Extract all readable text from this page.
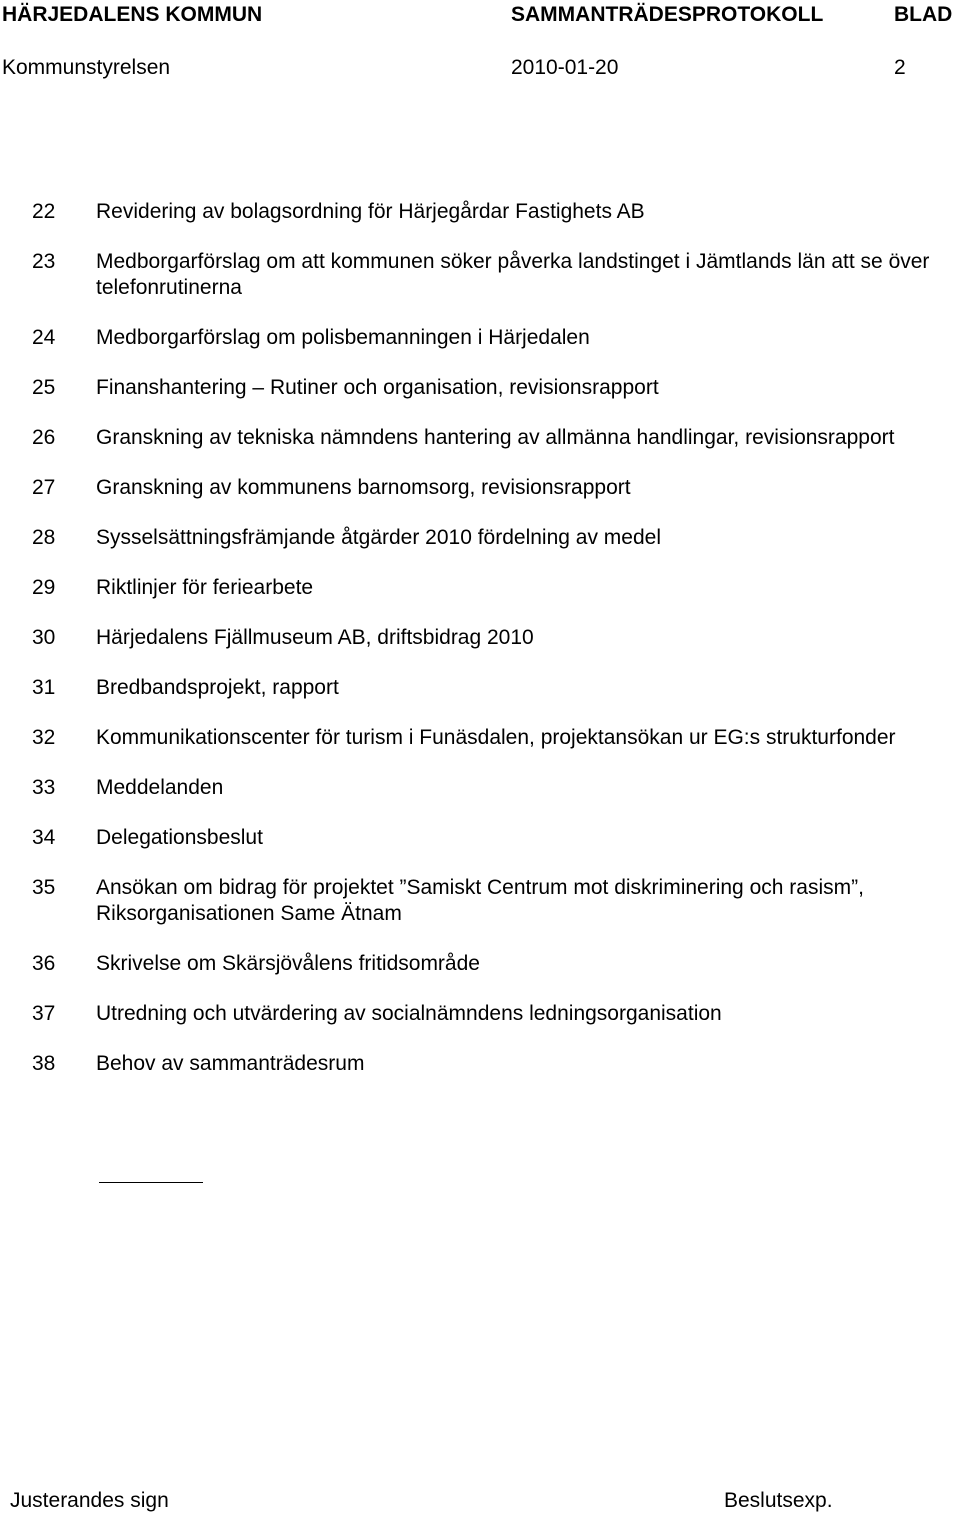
HÄRJEDALENS KOMMUN	SAMMANTRÄDESPROTOKOLL	BLAD
Kommunstyrelsen	2010-01-20	2
22	Revidering av bolagsordning för Härjegårdar Fastighets AB
23	Medborgarförslag om att kommunen söker påverka landstinget i Jämtlands län att se över telefonrutinerna
24	Medborgarförslag om polisbemanningen i Härjedalen
25	Finanshantering – Rutiner och organisation, revisionsrapport
26	Granskning av tekniska nämndens hantering av allmänna handlingar, revisionsrapport
27	Granskning av kommunens barnomsorg, revisionsrapport
28	Sysselsättningsfrämjande åtgärder 2010 fördelning av medel
29	Riktlinjer för feriearbete
30	Härjedalens Fjällmuseum AB, driftsbidrag 2010
31	Bredbandsprojekt, rapport
32	Kommunikationscenter för turism i Funäsdalen, projektansökan ur EG:s strukturfonder
33	Meddelanden
34	Delegationsbeslut
35	Ansökan om bidrag för projektet ”Samiskt Centrum mot diskriminering och rasism”, Riksorganisationen Same Ätnam
36	Skrivelse om Skärsjövålens fritidsområde
37	Utredning och utvärdering av socialnämndens ledningsorganisation
38	Behov av sammanträdesrum
Justerandes sign	Beslutsexp.
